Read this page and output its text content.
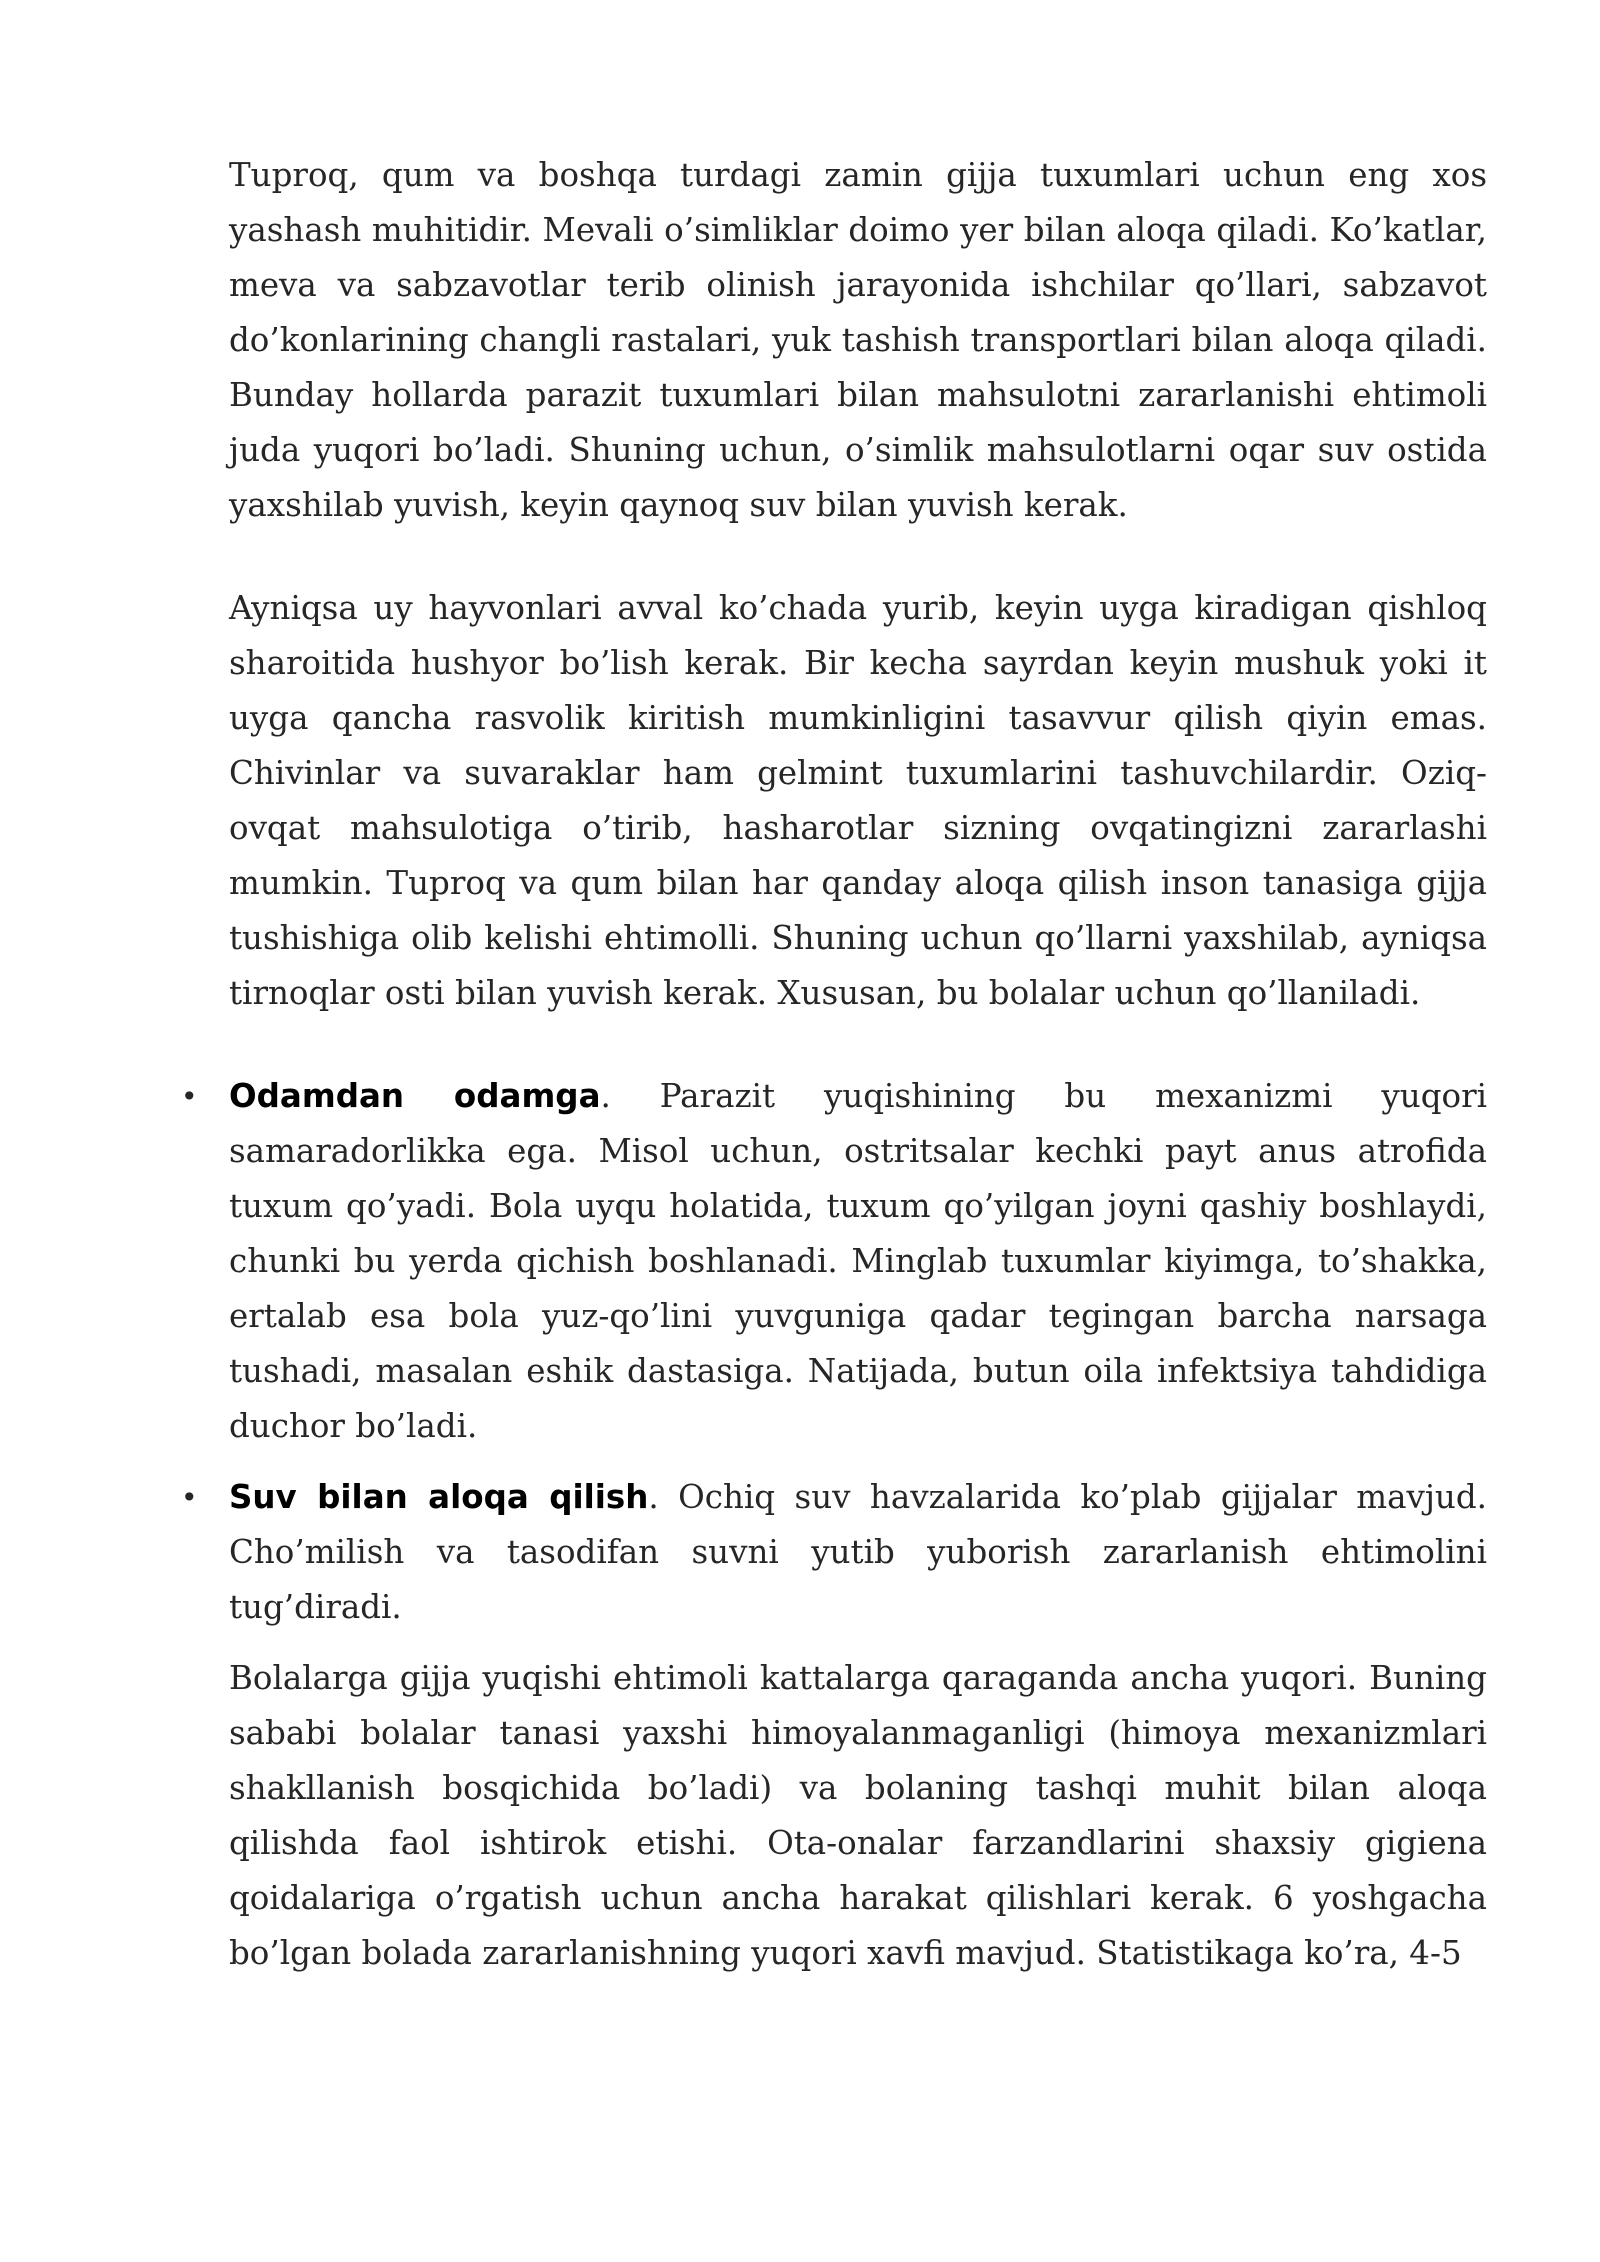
Tuproq, qum va boshqa turdagi zamin gijja tuxumlari uchun eng xos yashash muhitidir. Mevali o’simliklar doimo yer bilan aloqa qiladi. Ko’katlar, meva va sabzavotlar terib olinish jarayonida ishchilar qo’llari, sabzavot do’konlarining changli rastalari, yuk tashish transportlari bilan aloqa qiladi. Bunday hollarda parazit tuxumlari bilan mahsulotni zararlanishi ehtimoli juda yuqori bo’ladi. Shuning uchun, o’simlik mahsulotlarni oqar suv ostida yaxshilab yuvish, keyin qaynoq suv bilan yuvish kerak.

Ayniqsa uy hayvonlari avval ko’chada yurib, keyin uyga kiradigan qishloq sharoitida hushyor bo’lish kerak. Bir kecha sayrdan keyin mushuk yoki it uyga qancha rasvolik kiritish mumkinligini tasavvur qilish qiyin emas. Chivinlar va suvaraklar ham gelmint tuxumlarini tashuvchilardir. Oziq-ovqat mahsulotiga o’tirib, hasharotlar sizning ovqatingizni zararlashi mumkin. Tuproq va qum bilan har qanday aloqa qilish inson tanasiga gijja tushishiga olib kelishi ehtimolli. Shuning uchun qo’llarni yaxshilab, ayniqsa tirnoqlar osti bilan yuvish kerak. Xususan, bu bolalar uchun qo’llaniladi.

• Odamdan odamga. Parazit yuqishining bu mexanizmi yuqori samaradorlikka ega. Misol uchun, ostritsalar kechki payt anus atrofida tuxum qo’yadi. Bola uyqu holatida, tuxum qo’yilgan joyni qashiy boshlaydi, chunki bu yerda qichish boshlanadi. Minglab tuxumlar kiyimga, to’shakka, ertalab esa bola yuz-qo’lini yuvguniga qadar tegingan barcha narsaga tushadi, masalan eshik dastasiga. Natijada, butun oila infektsiya tahdidiga duchor bo’ladi.
• Suv bilan aloqa qilish. Ochiq suv havzalarida ko’plab gijjalar mavjud. Cho’milish va tasodifan suvni yutib yuborish zararlanish ehtimolini tug’diradi.

Bolalarga gijja yuqishi ehtimoli kattalarga qaraganda ancha yuqori. Buning sababi bolalar tanasi yaxshi himoyalanmaganligi (himoya mexanizmlari shakllanish bosqichida bo’ladi) va bolaning tashqi muhit bilan aloqa qilishda faol ishtirok etishi. Ota-onalar farzandlarini shaxsiy gigiena qoidalariga o’rgatish uchun ancha harakat qilishlari kerak. 6 yoshgacha bo’lgan bolada zararlanishning yuqori xavfi mavjud. Statistikaga ko’ra, 4-5
